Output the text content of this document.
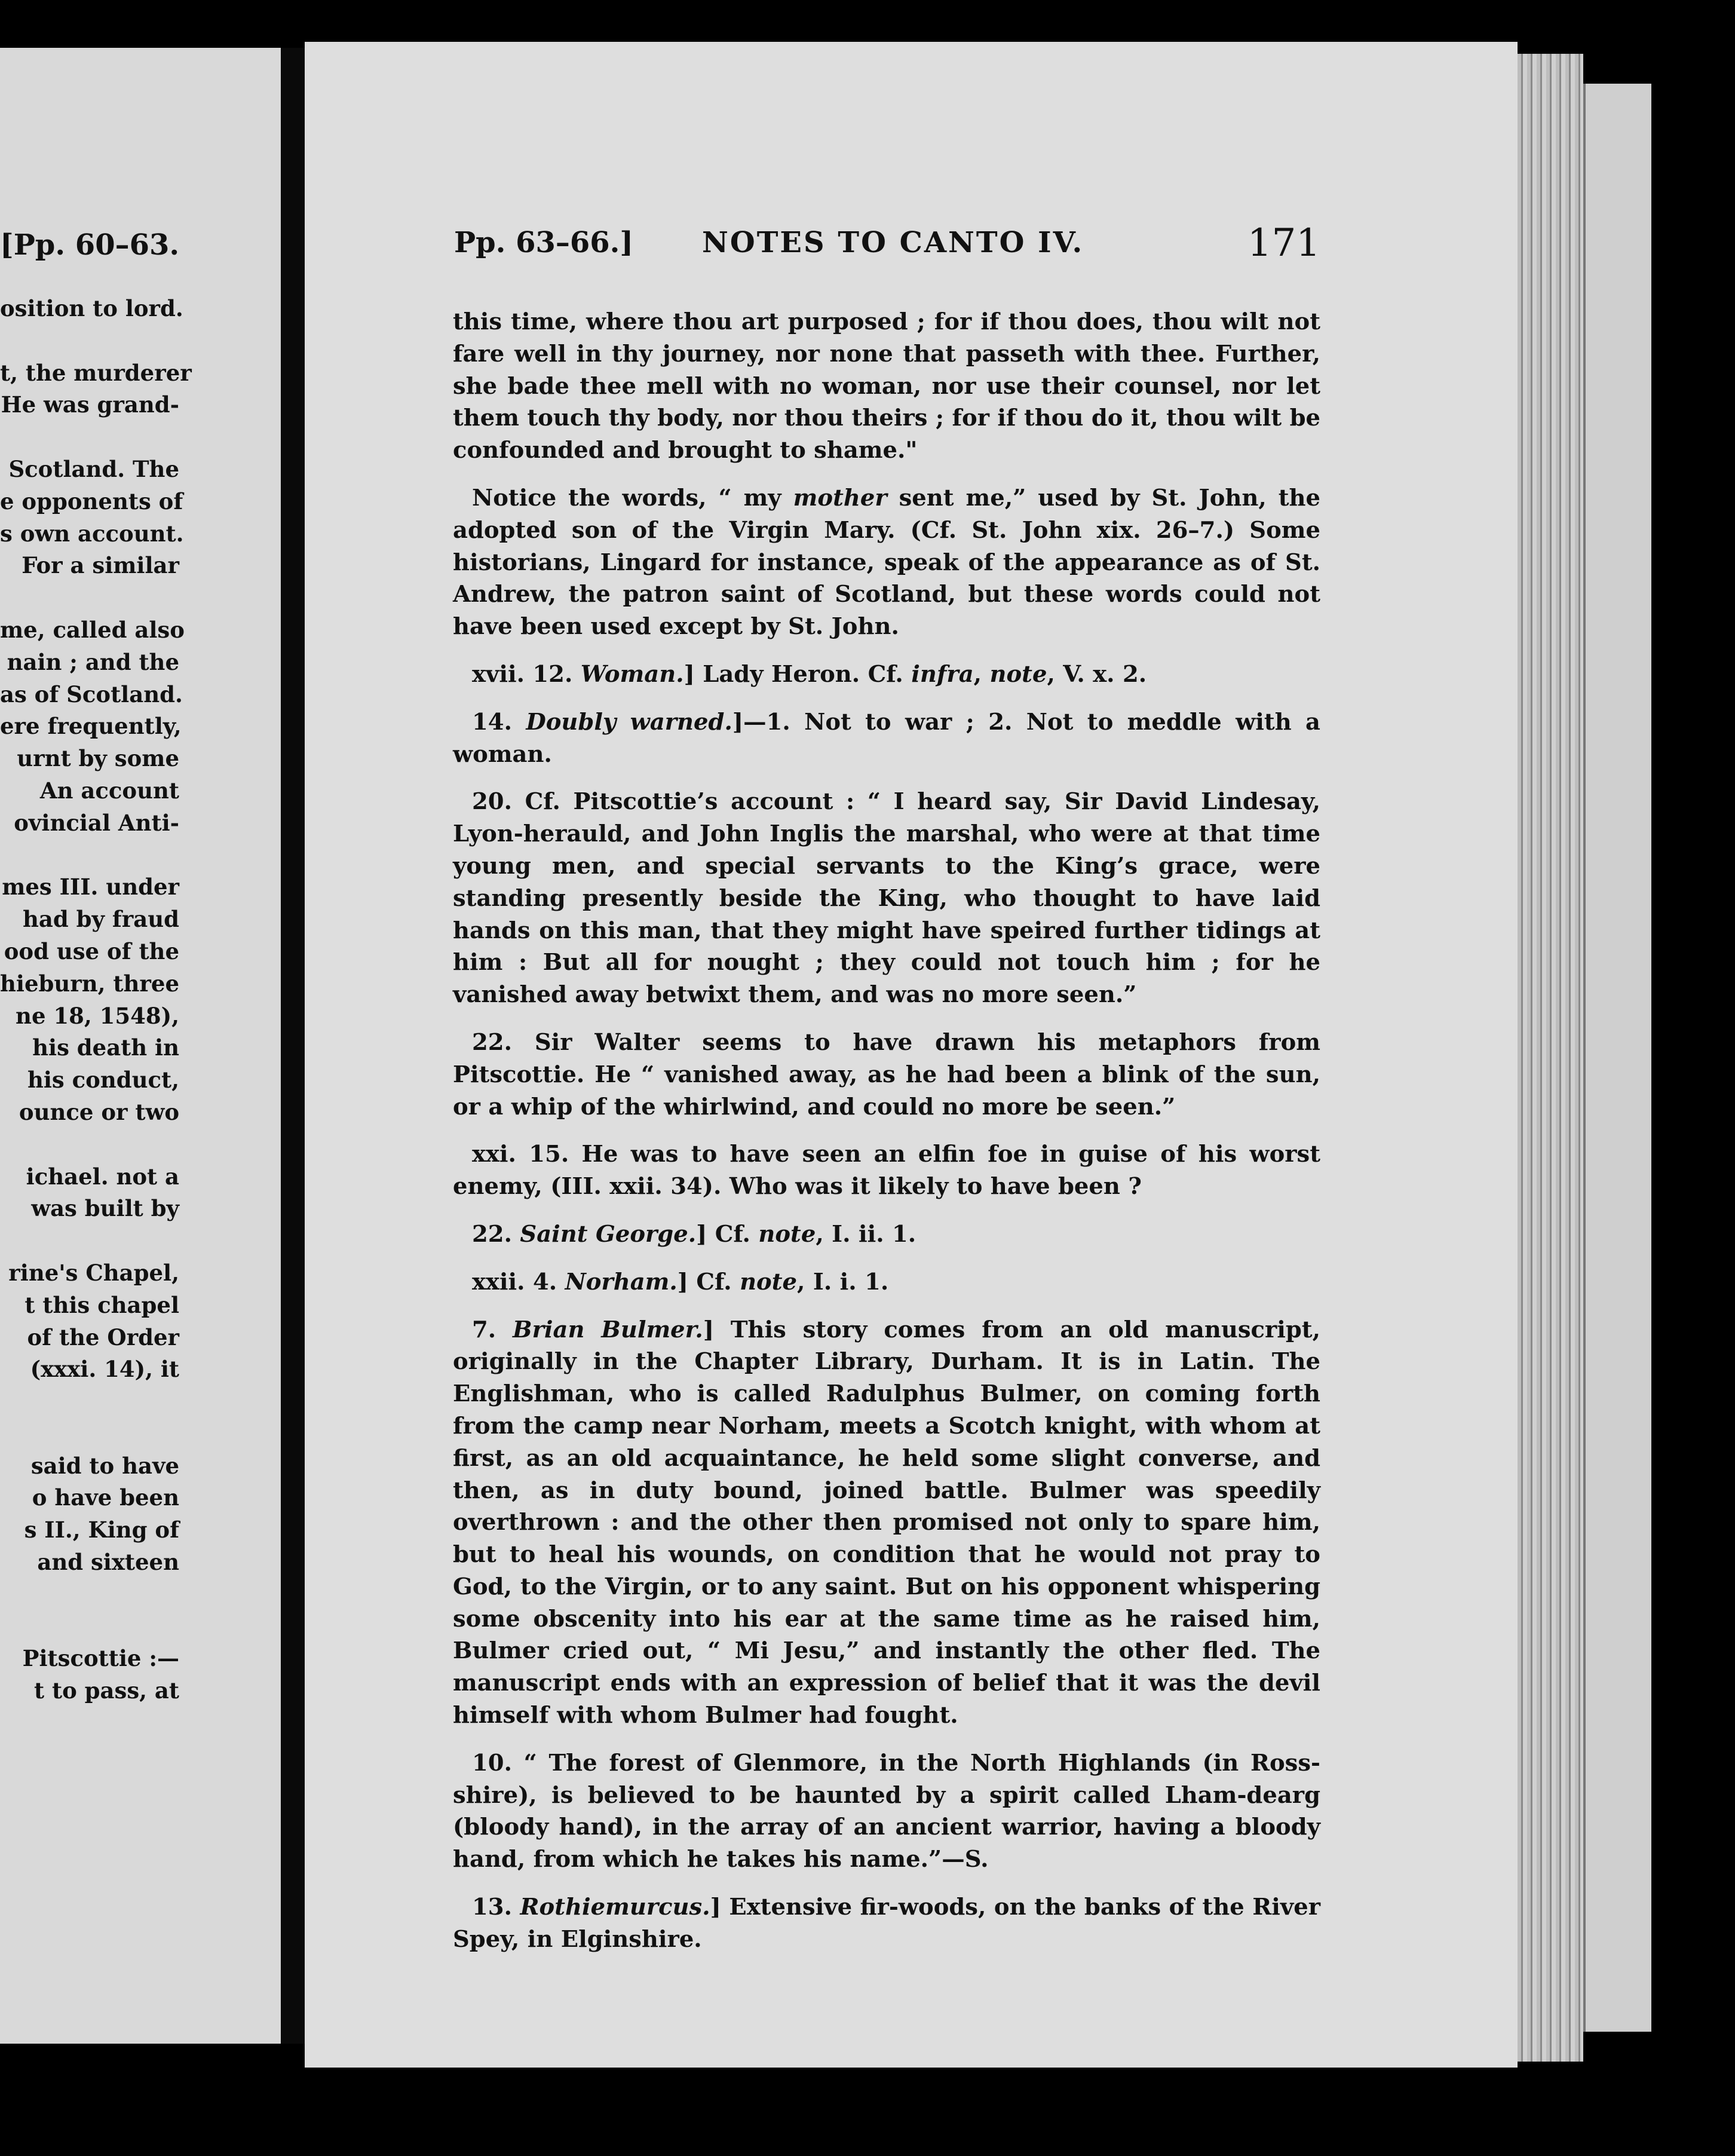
[Pp. 60–63.
osition to lord.
t, the murderer
He was grand-
Scotland. The
e opponents of
s own account.
For a similar
me, called also
nain ; and the
as of Scotland.
ere frequently,
urnt by some
An account
ovincial Anti-
mes III. under
had by fraud
ood use of the
hieburn, three
ne 18, 1548),
his death in
his conduct,
ounce or two
ichael. not a
was built by
rine's Chapel,
t this chapel
of the Order
(xxxi. 14), it
said to have
o have been
s II., King of
and sixteen
Pitscottie :—
t to pass, at
Pp. 63–66.] NOTES TO CANTO IV.	171

this time, where thou art purposed ; for if thou does, thou wilt not fare well in thy journey, nor none that passeth with thee. Further, she bade thee mell with no woman, nor use their counsel, nor let them touch thy body, nor thou theirs ; for if thou do it, thou wilt be confounded and brought to shame."

Notice the words, “ my mother sent me,” used by St. John, the adopted son of the Virgin Mary. (Cf. St. John xix. 26–7.) Some historians, Lingard for instance, speak of the appearance as of St. Andrew, the patron saint of Scotland, but these words could not have been used except by St. John.

xvii. 12. Woman.] Lady Heron. Cf. infra, note, V. x. 2.

14. Doubly warned.]—1. Not to war ; 2. Not to meddle with a woman.

20. Cf. Pitscottie’s account : “ I heard say, Sir David Lindesay, Lyon-herauld, and John Inglis the marshal, who were at that time young men, and special servants to the King’s grace, were standing presently beside the King, who thought to have laid hands on this man, that they might have speired further tidings at him : But all for nought ; they could not touch him ; for he vanished away betwixt them, and was no more seen.”

22. Sir Walter seems to have drawn his metaphors from Pitscottie. He “ vanished away, as he had been a blink of the sun, or a whip of the whirlwind, and could no more be seen.”

xxi. 15. He was to have seen an elfin foe in guise of his worst enemy, (III. xxii. 34). Who was it likely to have been ?

22. Saint George.] Cf. note, I. ii. 1.

xxii. 4. Norham.] Cf. note, I. i. 1.

7. Brian Bulmer.] This story comes from an old manuscript, originally in the Chapter Library, Durham. It is in Latin. The Englishman, who is called Radulphus Bulmer, on coming forth from the camp near Norham, meets a Scotch knight, with whom at first, as an old acquaintance, he held some slight converse, and then, as in duty bound, joined battle. Bulmer was speedily overthrown : and the other then promised not only to spare him, but to heal his wounds, on condition that he would not pray to God, to the Virgin, or to any saint. But on his opponent whispering some obscenity into his ear at the same time as he raised him, Bulmer cried out, “ Mi Jesu,” and instantly the other fled. The manuscript ends with an expression of belief that it was the devil himself with whom Bulmer had fought.

10. “ The forest of Glenmore, in the North Highlands (in Ross-shire), is believed to be haunted by a spirit called Lham-dearg (bloody hand), in the array of an ancient warrior, having a bloody hand, from which he takes his name.”—S.

13. Rothiemurcus.] Extensive fir-woods, on the banks of the River Spey, in Elginshire.
